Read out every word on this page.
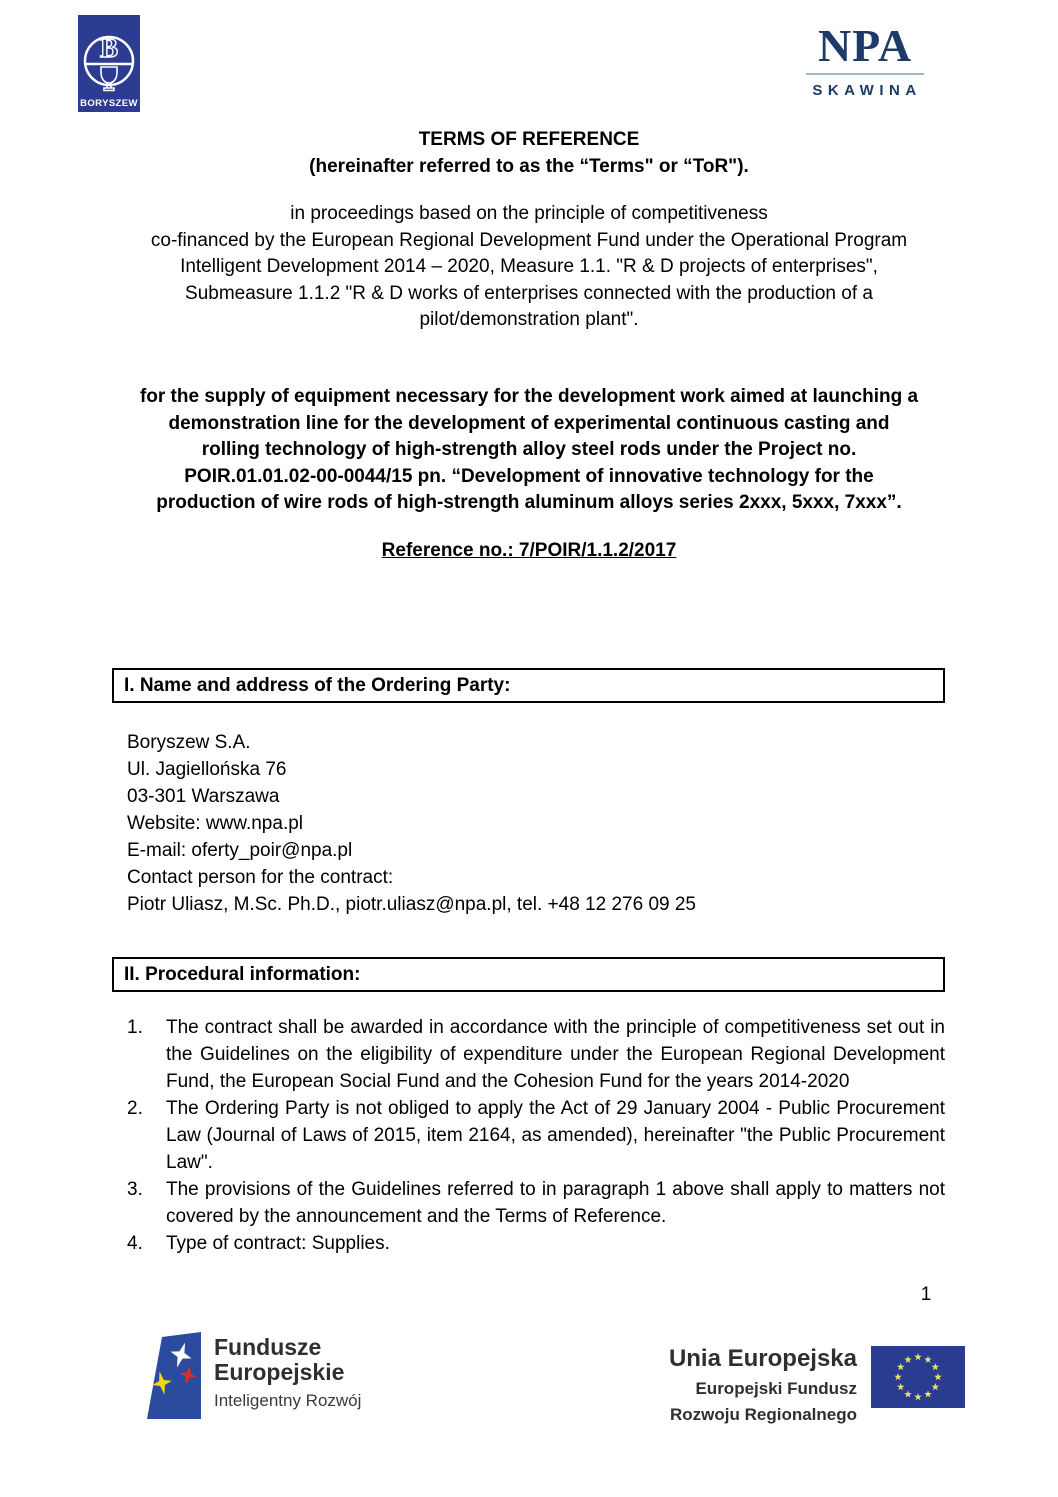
B
BORYSZEW
NPA
SKAWINA
TERMS OF REFERENCE
(hereinafter referred to as the “Terms" or “ToR").
in proceedings based on the principle of competitiveness
co-financed by the European Regional Development Fund under the Operational Program
Intelligent Development 2014 – 2020, Measure 1.1. "R & D projects of enterprises",
Submeasure 1.1.2 "R & D works of enterprises connected with the production of a
pilot/demonstration plant".
for the supply of equipment necessary for the development work aimed at launching a
demonstration line for the development of experimental continuous casting and
rolling technology of high-strength alloy steel rods under the Project no.
POIR.01.01.02-00-0044/15 pn. “Development of innovative technology for the
production of wire rods of high-strength aluminum alloys series 2xxx, 5xxx, 7xxx”.
Reference no.: 7/POIR/1.1.2/2017
I. Name and address of the Ordering Party:
Boryszew S.A.
Ul. Jagiellońska 76
03-301 Warszawa
Website: www.npa.pl
E-mail: oferty_poir@npa.pl
Contact person for the contract:
Piotr Uliasz, M.Sc. Ph.D., piotr.uliasz@npa.pl, tel. +48 12 276 09 25
II. Procedural information:
1.	The contract shall be awarded in accordance with the principle of competitiveness set out in the Guidelines on the eligibility of expenditure under the European Regional Development Fund, the European Social Fund and the Cohesion Fund for the years 2014-2020
2.	The Ordering Party is not obliged to apply the Act of 29 January 2004 - Public Procurement Law (Journal of Laws of 2015, item 2164, as amended), hereinafter "the Public Procurement Law".
3.	The provisions of the Guidelines referred to in paragraph 1 above shall apply to matters not covered by the announcement and the Terms of Reference.
4.	Type of contract: Supplies.
1
Fundusze
Europejskie
Inteligentny Rozwój
Unia Europejska
Europejski Fundusz
Rozwoju Regionalnego
